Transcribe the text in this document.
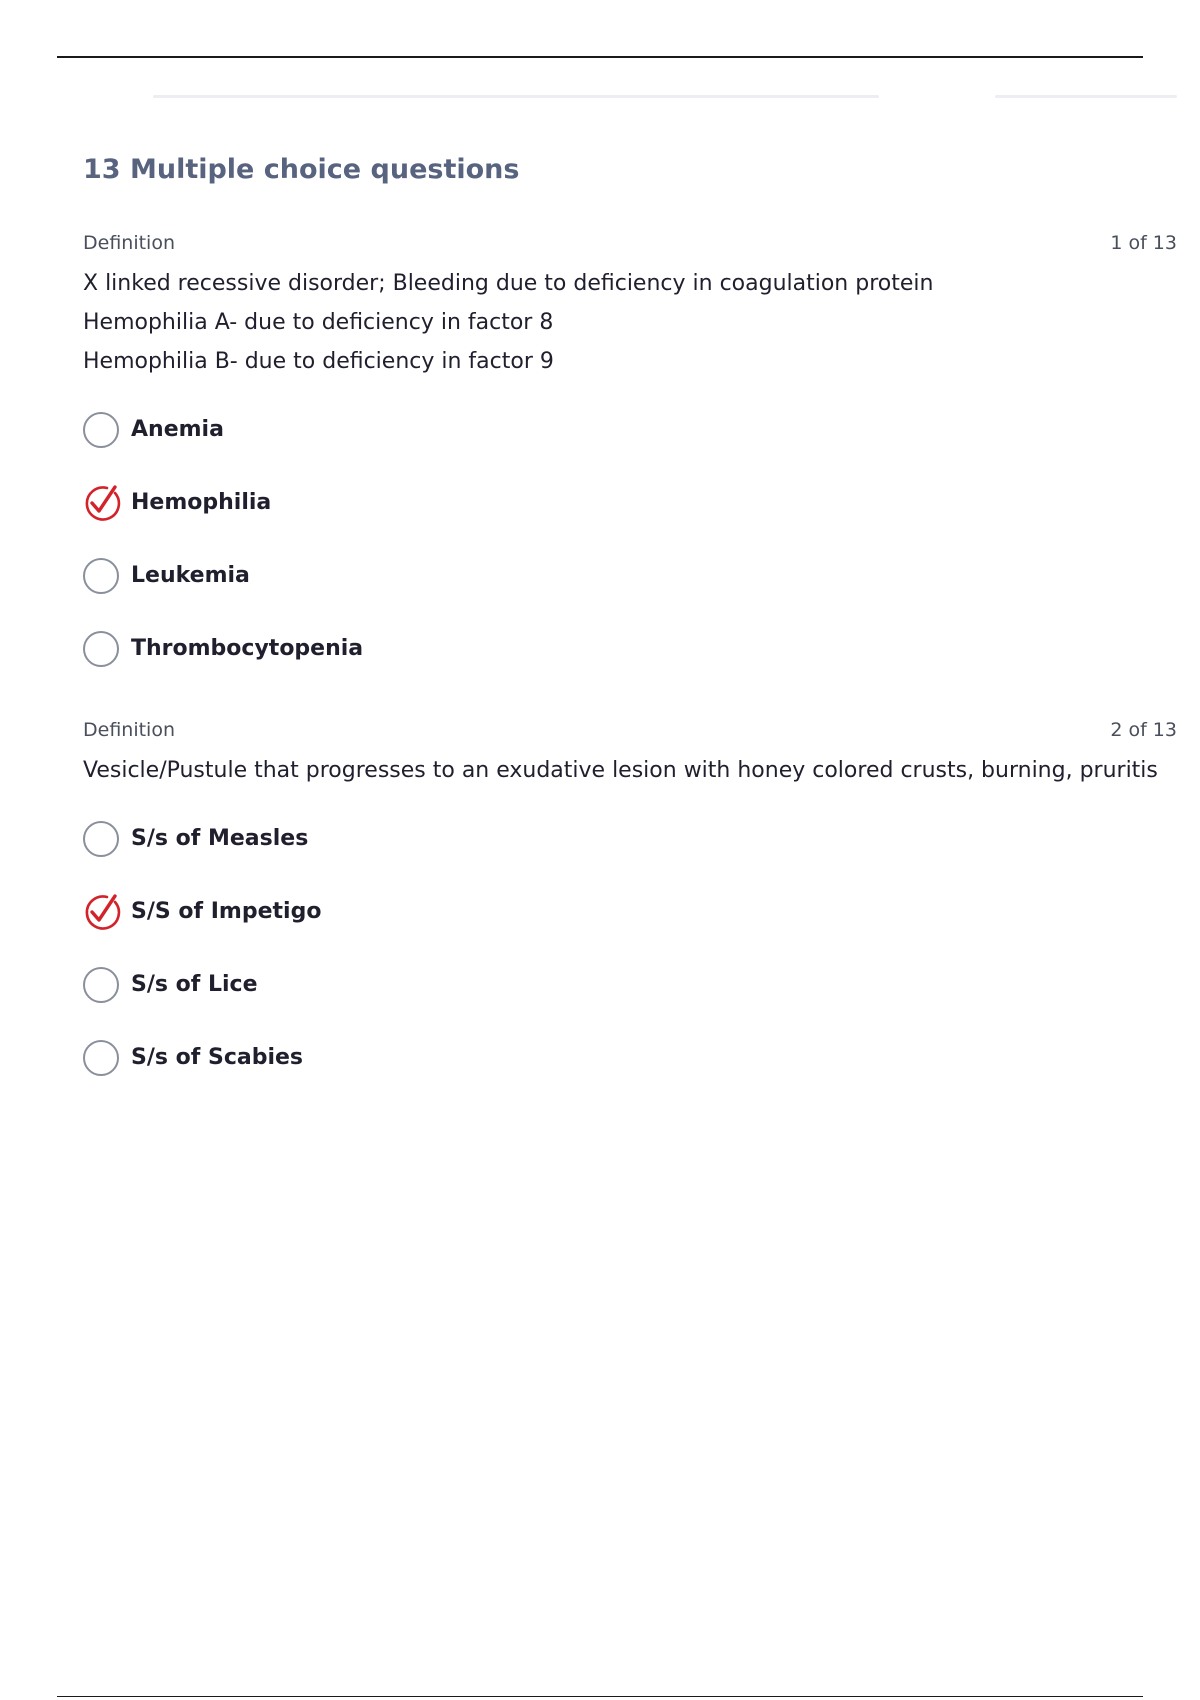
13 Multiple choice questions
Definition	1 of 13
X linked recessive disorder; Bleeding due to deficiency in coagulation protein
Hemophilia A- due to deficiency in factor 8
Hemophilia B- due to deficiency in factor 9
Anemia
Hemophilia
Leukemia
Thrombocytopenia
Definition	2 of 13
Vesicle/Pustule that progresses to an exudative lesion with honey colored crusts, burning, pruritis
S/s of Measles
S/S of Impetigo
S/s of Lice
S/s of Scabies
